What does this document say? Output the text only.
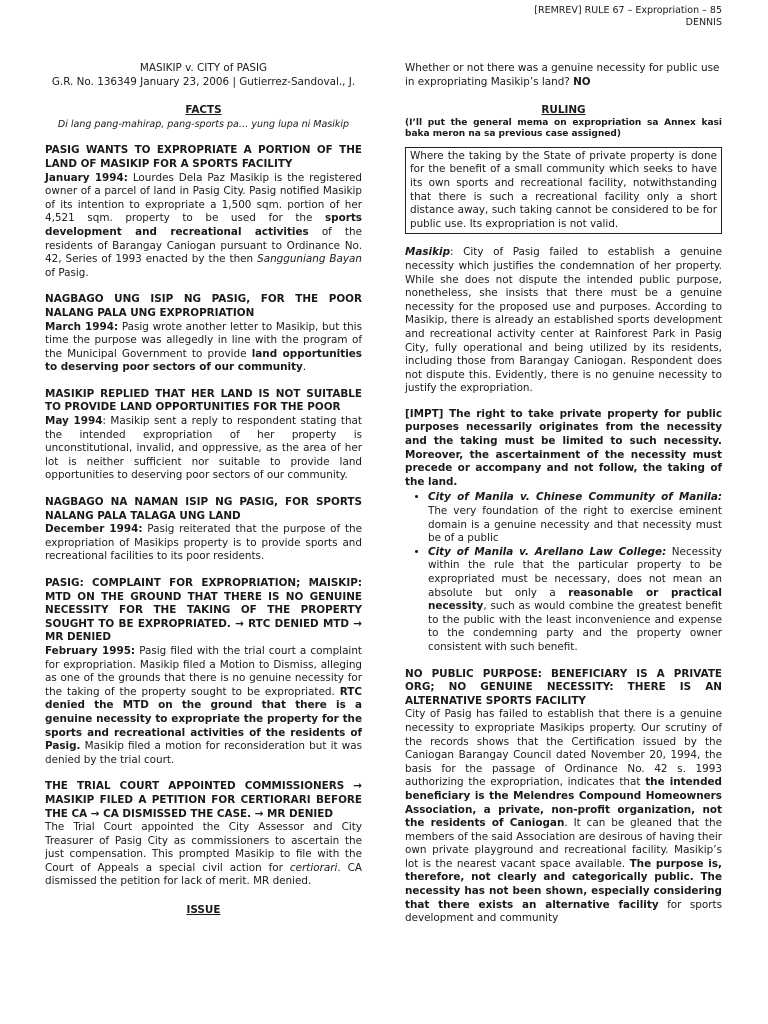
[REMREV] RULE 67 – Expropriation – 85
DENNIS

MASIKIP v. CITY of PASIG

G.R. No. 136349 January 23, 2006 | Gutierrez-Sandoval., J.

FACTS

Di lang pang-mahirap, pang-sports pa… yung lupa ni Masikip

PASIG WANTS TO EXPROPRIATE A PORTION OF THE LAND OF MASIKIP FOR A SPORTS FACILITY

January 1994: Lourdes Dela Paz Masikip is the registered owner of a parcel of land in Pasig City. Pasig notified Masikip of its intention to expropriate a 1,500 sqm. portion of her 4,521 sqm. property to be used for the sports development and recreational activities of the residents of Barangay Caniogan pursuant to Ordinance No. 42, Series of 1993 enacted by the then Sangguniang Bayan of Pasig.

NAGBAGO UNG ISIP NG PASIG, FOR THE POOR NALANG PALA UNG EXPROPRIATION

March 1994: Pasig wrote another letter to Masikip, but this time the purpose was allegedly in line with the program of the Municipal Government to provide land opportunities to deserving poor sectors of our community.

MASIKIP REPLIED THAT HER LAND IS NOT SUITABLE TO PROVIDE LAND OPPORTUNITIES FOR THE POOR

May 1994: Masikip sent a reply to respondent stating that the intended expropriation of her property is unconstitutional, invalid, and oppressive, as the area of her lot is neither sufficient nor suitable to provide land opportunities to deserving poor sectors of our community.

NAGBAGO NA NAMAN ISIP NG PASIG, FOR SPORTS NALANG PALA TALAGA UNG LAND

December 1994: Pasig reiterated that the purpose of the expropriation of Masikips property is to provide sports and recreational facilities to its poor residents.

PASIG: COMPLAINT FOR EXPROPRIATION; MAISKIP: MTD ON THE GROUND THAT THERE IS NO GENUINE NECESSITY FOR THE TAKING OF THE PROPERTY SOUGHT TO BE EXPROPRIATED. → RTC DENIED MTD → MR DENIED

February 1995: Pasig filed with the trial court a complaint for expropriation. Masikip filed a Motion to Dismiss, alleging as one of the grounds that there is no genuine necessity for the taking of the property sought to be expropriated. RTC denied the MTD on the ground that there is a genuine necessity to expropriate the property for the sports and recreational activities of the residents of Pasig. Masikip filed a motion for reconsideration but it was denied by the trial court.

THE TRIAL COURT APPOINTED COMMISSIONERS → MASIKIP FILED A PETITION FOR CERTIORARI BEFORE THE CA → CA DISMISSED THE CASE. → MR DENIED

The Trial Court appointed the City Assessor and City Treasurer of Pasig City as commissioners to ascertain the just compensation. This prompted Masikip to file with the Court of Appeals a special civil action for certiorari. CA dismissed the petition for lack of merit. MR denied.

ISSUE

Whether or not there was a genuine necessity for public use in expropriating Masikip’s land? NO

RULING

(I’ll put the general mema on expropriation sa Annex kasi baka meron na sa previous case assigned)

Where the taking by the State of private property is done for the benefit of a small community which seeks to have its own sports and recreational facility, notwithstanding that there is such a recreational facility only a short distance away, such taking cannot be considered to be for public use. Its expropriation is not valid.

Masikip: City of Pasig failed to establish a genuine necessity which justifies the condemnation of her property. While she does not dispute the intended public purpose, nonetheless, she insists that there must be a genuine necessity for the proposed use and purposes. According to Masikip, there is already an established sports development and recreational activity center at Rainforest Park in Pasig City, fully operational and being utilized by its residents, including those from Barangay Caniogan. Respondent does not dispute this. Evidently, there is no genuine necessity to justify the expropriation.

[IMPT] The right to take private property for public purposes necessarily originates from the necessity and the taking must be limited to such necessity. Moreover, the ascertainment of the necessity must precede or accompany and not follow, the taking of the land.

• City of Manila v. Chinese Community of Manila: The very foundation of the right to exercise eminent domain is a genuine necessity and that necessity must be of a public
• City of Manila v. Arellano Law College: Necessity within the rule that the particular property to be expropriated must be necessary, does not mean an absolute but only a reasonable or practical necessity, such as would combine the greatest benefit to the public with the least inconvenience and expense to the condemning party and the property owner consistent with such benefit.

NO PUBLIC PURPOSE: BENEFICIARY IS A PRIVATE ORG; NO GENUINE NECESSITY: THERE IS AN ALTERNATIVE SPORTS FACILITY

City of Pasig has failed to establish that there is a genuine necessity to expropriate Masikips property. Our scrutiny of the records shows that the Certification issued by the Caniogan Barangay Council dated November 20, 1994, the basis for the passage of Ordinance No. 42 s. 1993 authorizing the expropriation, indicates that the intended beneficiary is the Melendres Compound Homeowners Association, a private, non-profit organization, not the residents of Caniogan. It can be gleaned that the members of the said Association are desirous of having their own private playground and recreational facility. Masikip’s lot is the nearest vacant space available. The purpose is, therefore, not clearly and categorically public. The necessity has not been shown, especially considering that there exists an alternative facility for sports development and community
